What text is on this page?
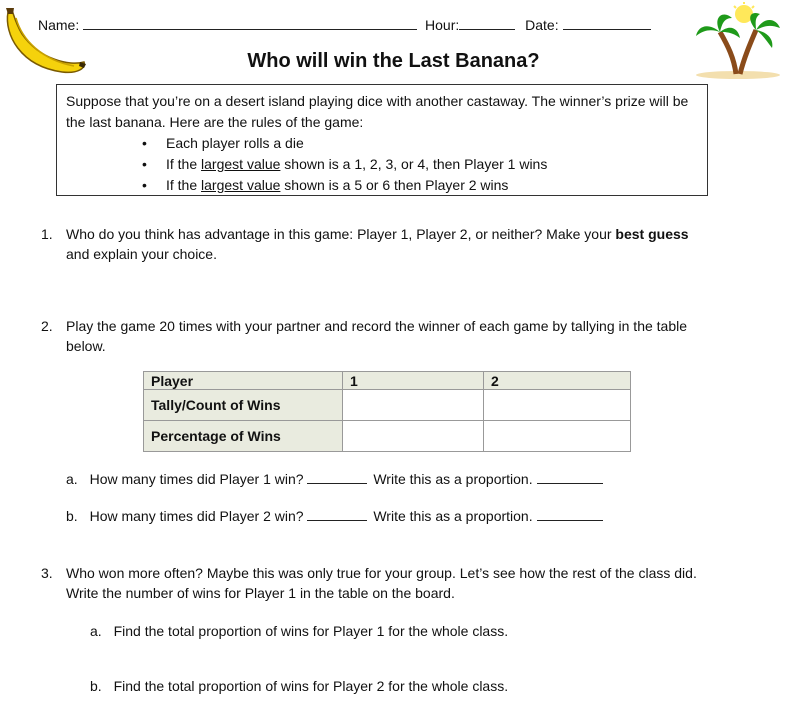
Name:	Hour:	Date:
Who will win the Last Banana?
Suppose that you’re on a desert island playing dice with another castaway. The winner’s prize will be the last banana. Here are the rules of the game:
• Each player rolls a die
• If the largest value shown is a 1, 2, 3, or 4, then Player 1 wins
• If the largest value shown is a 5 or 6 then Player 2 wins
1. Who do you think has advantage in this game: Player 1, Player 2, or neither? Make your best guess and explain your choice.
2. Play the game 20 times with your partner and record the winner of each game by tallying in the table below.
Player	1	2
Tally/Count of Wins		
Percentage of Wins		
a. How many times did Player 1 win?	Write this as a proportion.
b. How many times did Player 2 win?	Write this as a proportion.
3. Who won more often? Maybe this was only true for your group. Let’s see how the rest of the class did. Write the number of wins for Player 1 in the table on the board.
a. Find the total proportion of wins for Player 1 for the whole class.
b. Find the total proportion of wins for Player 2 for the whole class.
